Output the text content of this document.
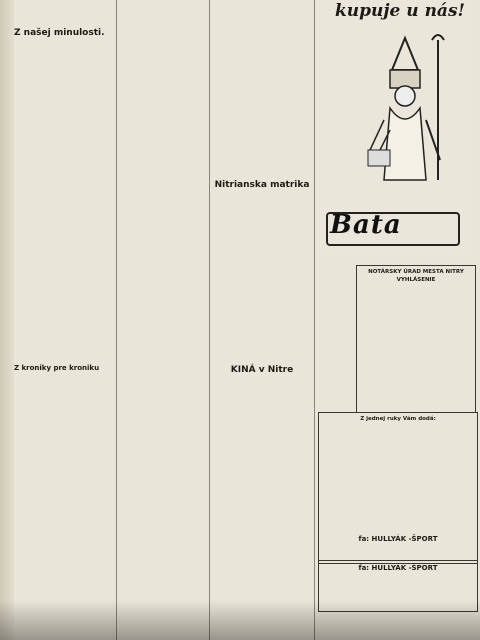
Z našej minulosti.
Z kroniky pre kroniku
Nitrianska matrika
KINÁ v Nitre
kupuje u nás!
Bata
NOTÁRSKY ÚRAD MESTA NITRY
VYHLÁSENIE
Z jednej ruky Vám dodá:
fa: HULLYÁK -ŠPORT
fa: HULLYÁK -ŠPORT
